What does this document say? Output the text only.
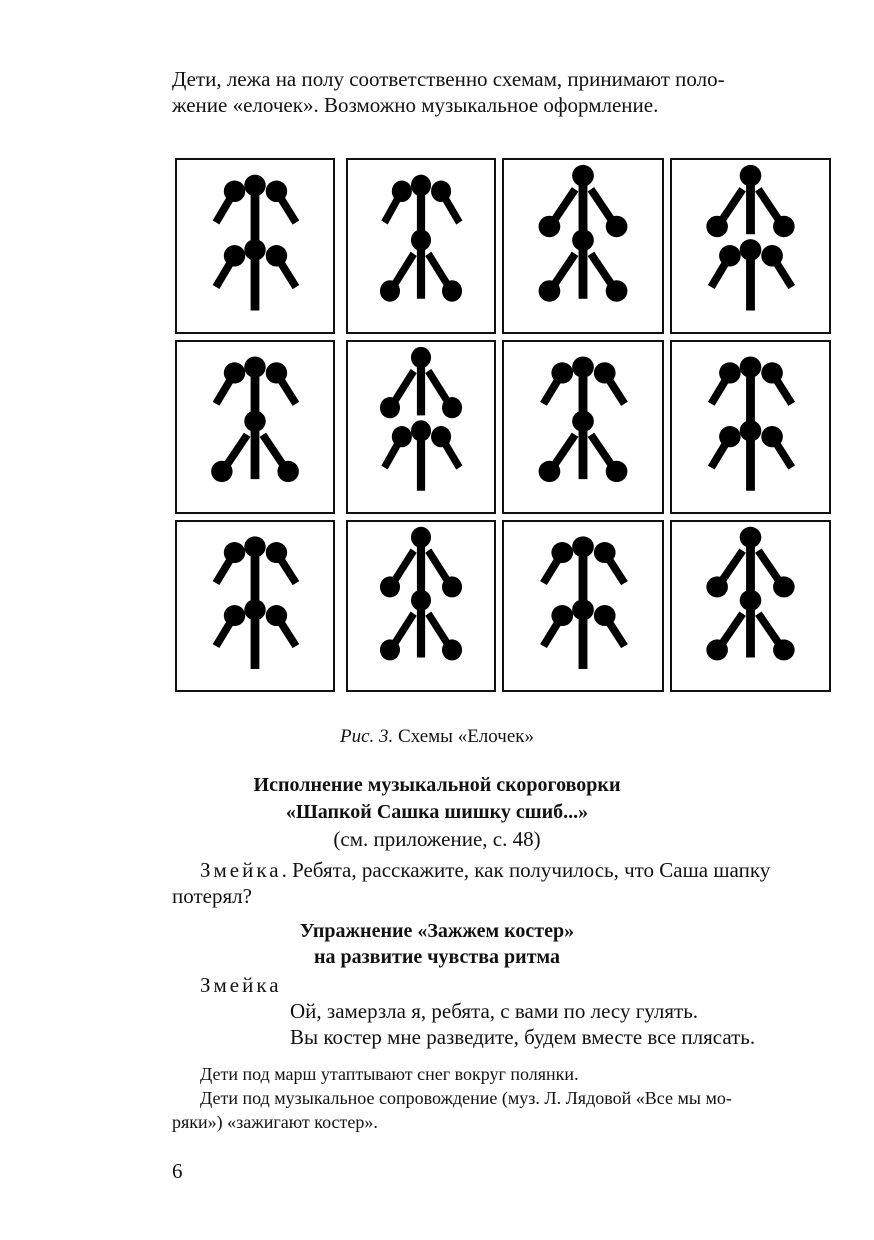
Дети, лежа на полу соответственно схемам, принимают поло-
жение «елочек». Возможно музыкальное оформление.

Рис. 3. Схемы «Елочек»

Исполнение музыкальной скороговорки

«Шапкой Сашка шишку сшиб...»

(см. приложение, с. 48)

Змейка. Ребята, расскажите, как получилось, что Саша шапку

потерял?

Упражнение «Зажжем костер»

на развитие чувства ритма

Змейка

Ой, замерзла я, ребята, с вами по лесу гулять.

Вы костер мне разведите, будем вместе все плясать.

Дети под марш утаптывают снег вокруг полянки.

Дети под музыкальное сопровождение (муз. Л. Лядовой «Все мы мо-

ряки») «зажигают костер».

6
